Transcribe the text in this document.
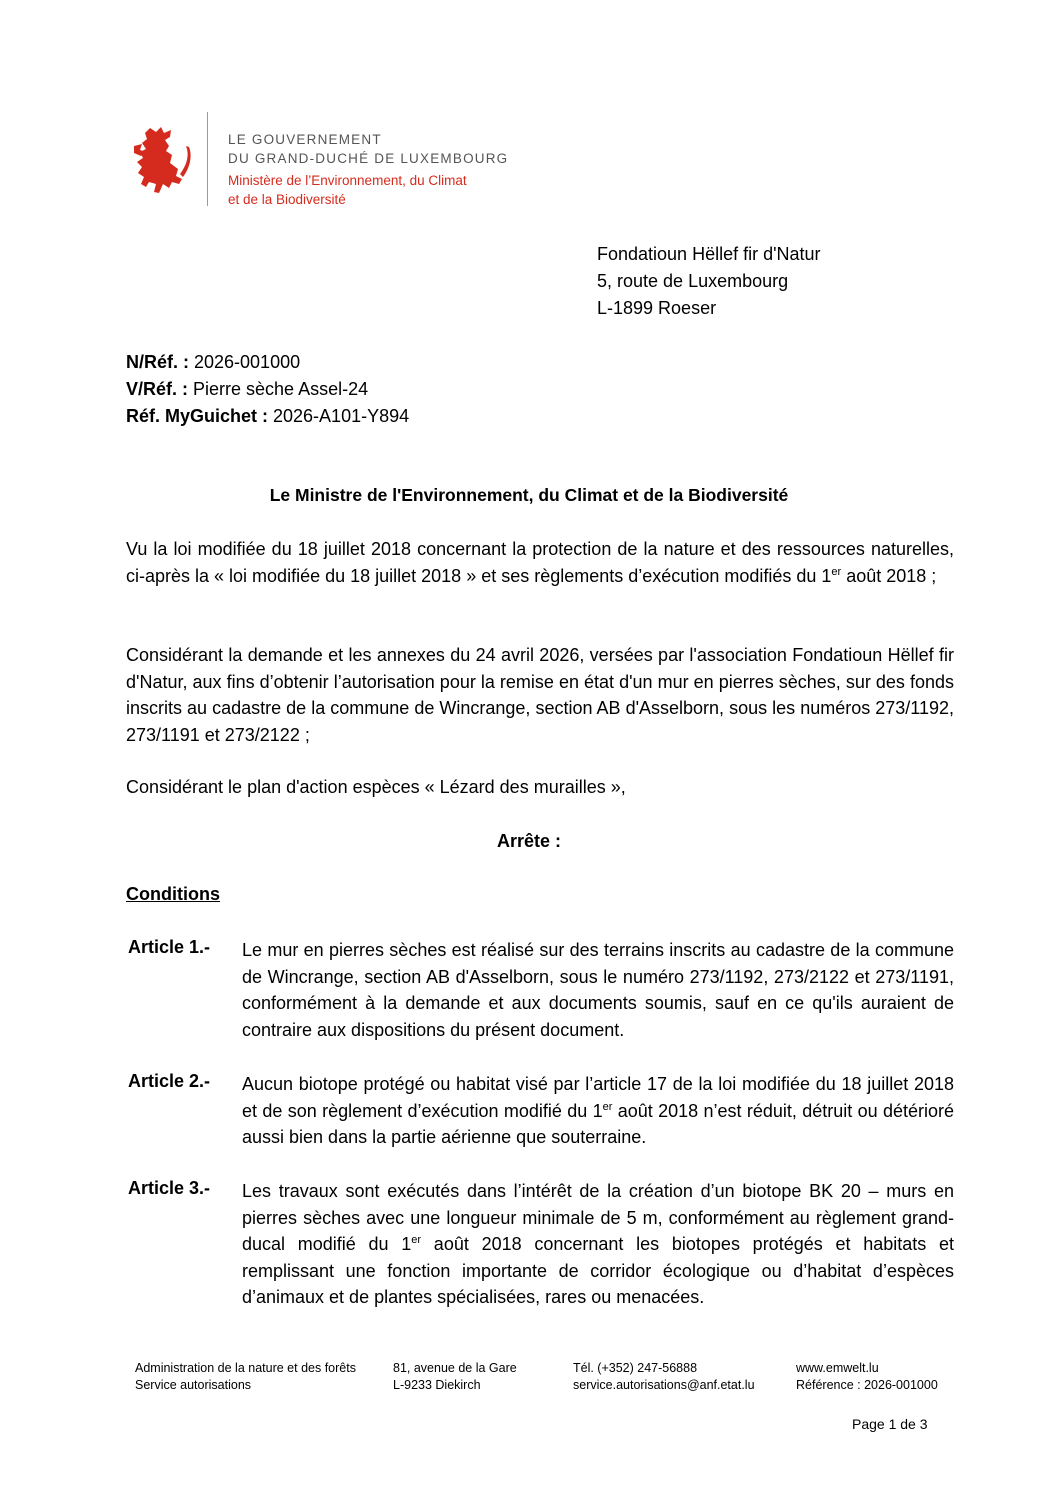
LE GOUVERNEMENT
DU GRAND-DUCHÉ DE LUXEMBOURG
Ministère de l’Environnement, du Climat
et de la Biodiversité
Fondatioun Hëllef fir d'Natur
5, route de Luxembourg
L-1899 Roeser
N/Réf. : 2026-001000
V/Réf. : Pierre sèche Assel-24
Réf. MyGuichet : 2026-A101-Y894
Le Ministre de l'Environnement, du Climat et de la Biodiversité
Vu la loi modifiée du 18 juillet 2018 concernant la protection de la nature et des ressources naturelles, ci-après la « loi modifiée du 18 juillet 2018 » et ses règlements d’exécution modifiés du 1er août 2018 ;
Considérant la demande et les annexes du 24 avril 2026, versées par l'association Fondatioun Hëllef fir d'Natur, aux fins d’obtenir l’autorisation pour la remise en état d'un mur en pierres sèches, sur des fonds inscrits au cadastre de la commune de Wincrange, section AB d'Asselborn, sous les numéros 273/1192, 273/1191 et 273/2122 ;
Considérant le plan d'action espèces « Lézard des murailles »,
Arrête :
Conditions
Article 1.- Le mur en pierres sèches est réalisé sur des terrains inscrits au cadastre de la commune de Wincrange, section AB d'Asselborn, sous le numéro 273/1192, 273/2122 et 273/1191, conformément à la demande et aux documents soumis, sauf en ce qu'ils auraient de contraire aux dispositions du présent document.
Article 2.- Aucun biotope protégé ou habitat visé par l’article 17 de la loi modifiée du 18 juillet 2018 et de son règlement d’exécution modifié du 1er août 2018 n’est réduit, détruit ou détérioré aussi bien dans la partie aérienne que souterraine.
Article 3.- Les travaux sont exécutés dans l’intérêt de la création d’un biotope BK 20 – murs en pierres sèches avec une longueur minimale de 5 m, conformément au règlement grand-ducal modifié du 1er août 2018 concernant les biotopes protégés et habitats et remplissant une fonction importante de corridor écologique ou d’habitat d’espèces d’animaux et de plantes spécialisées, rares ou menacées.
Administration de la nature et des forêts
Service autorisations
81, avenue de la Gare
L-9233 Diekirch
Tél. (+352) 247-56888
service.autorisations@anf.etat.lu
www.emwelt.lu
Référence : 2026-001000
Page 1 de 3
